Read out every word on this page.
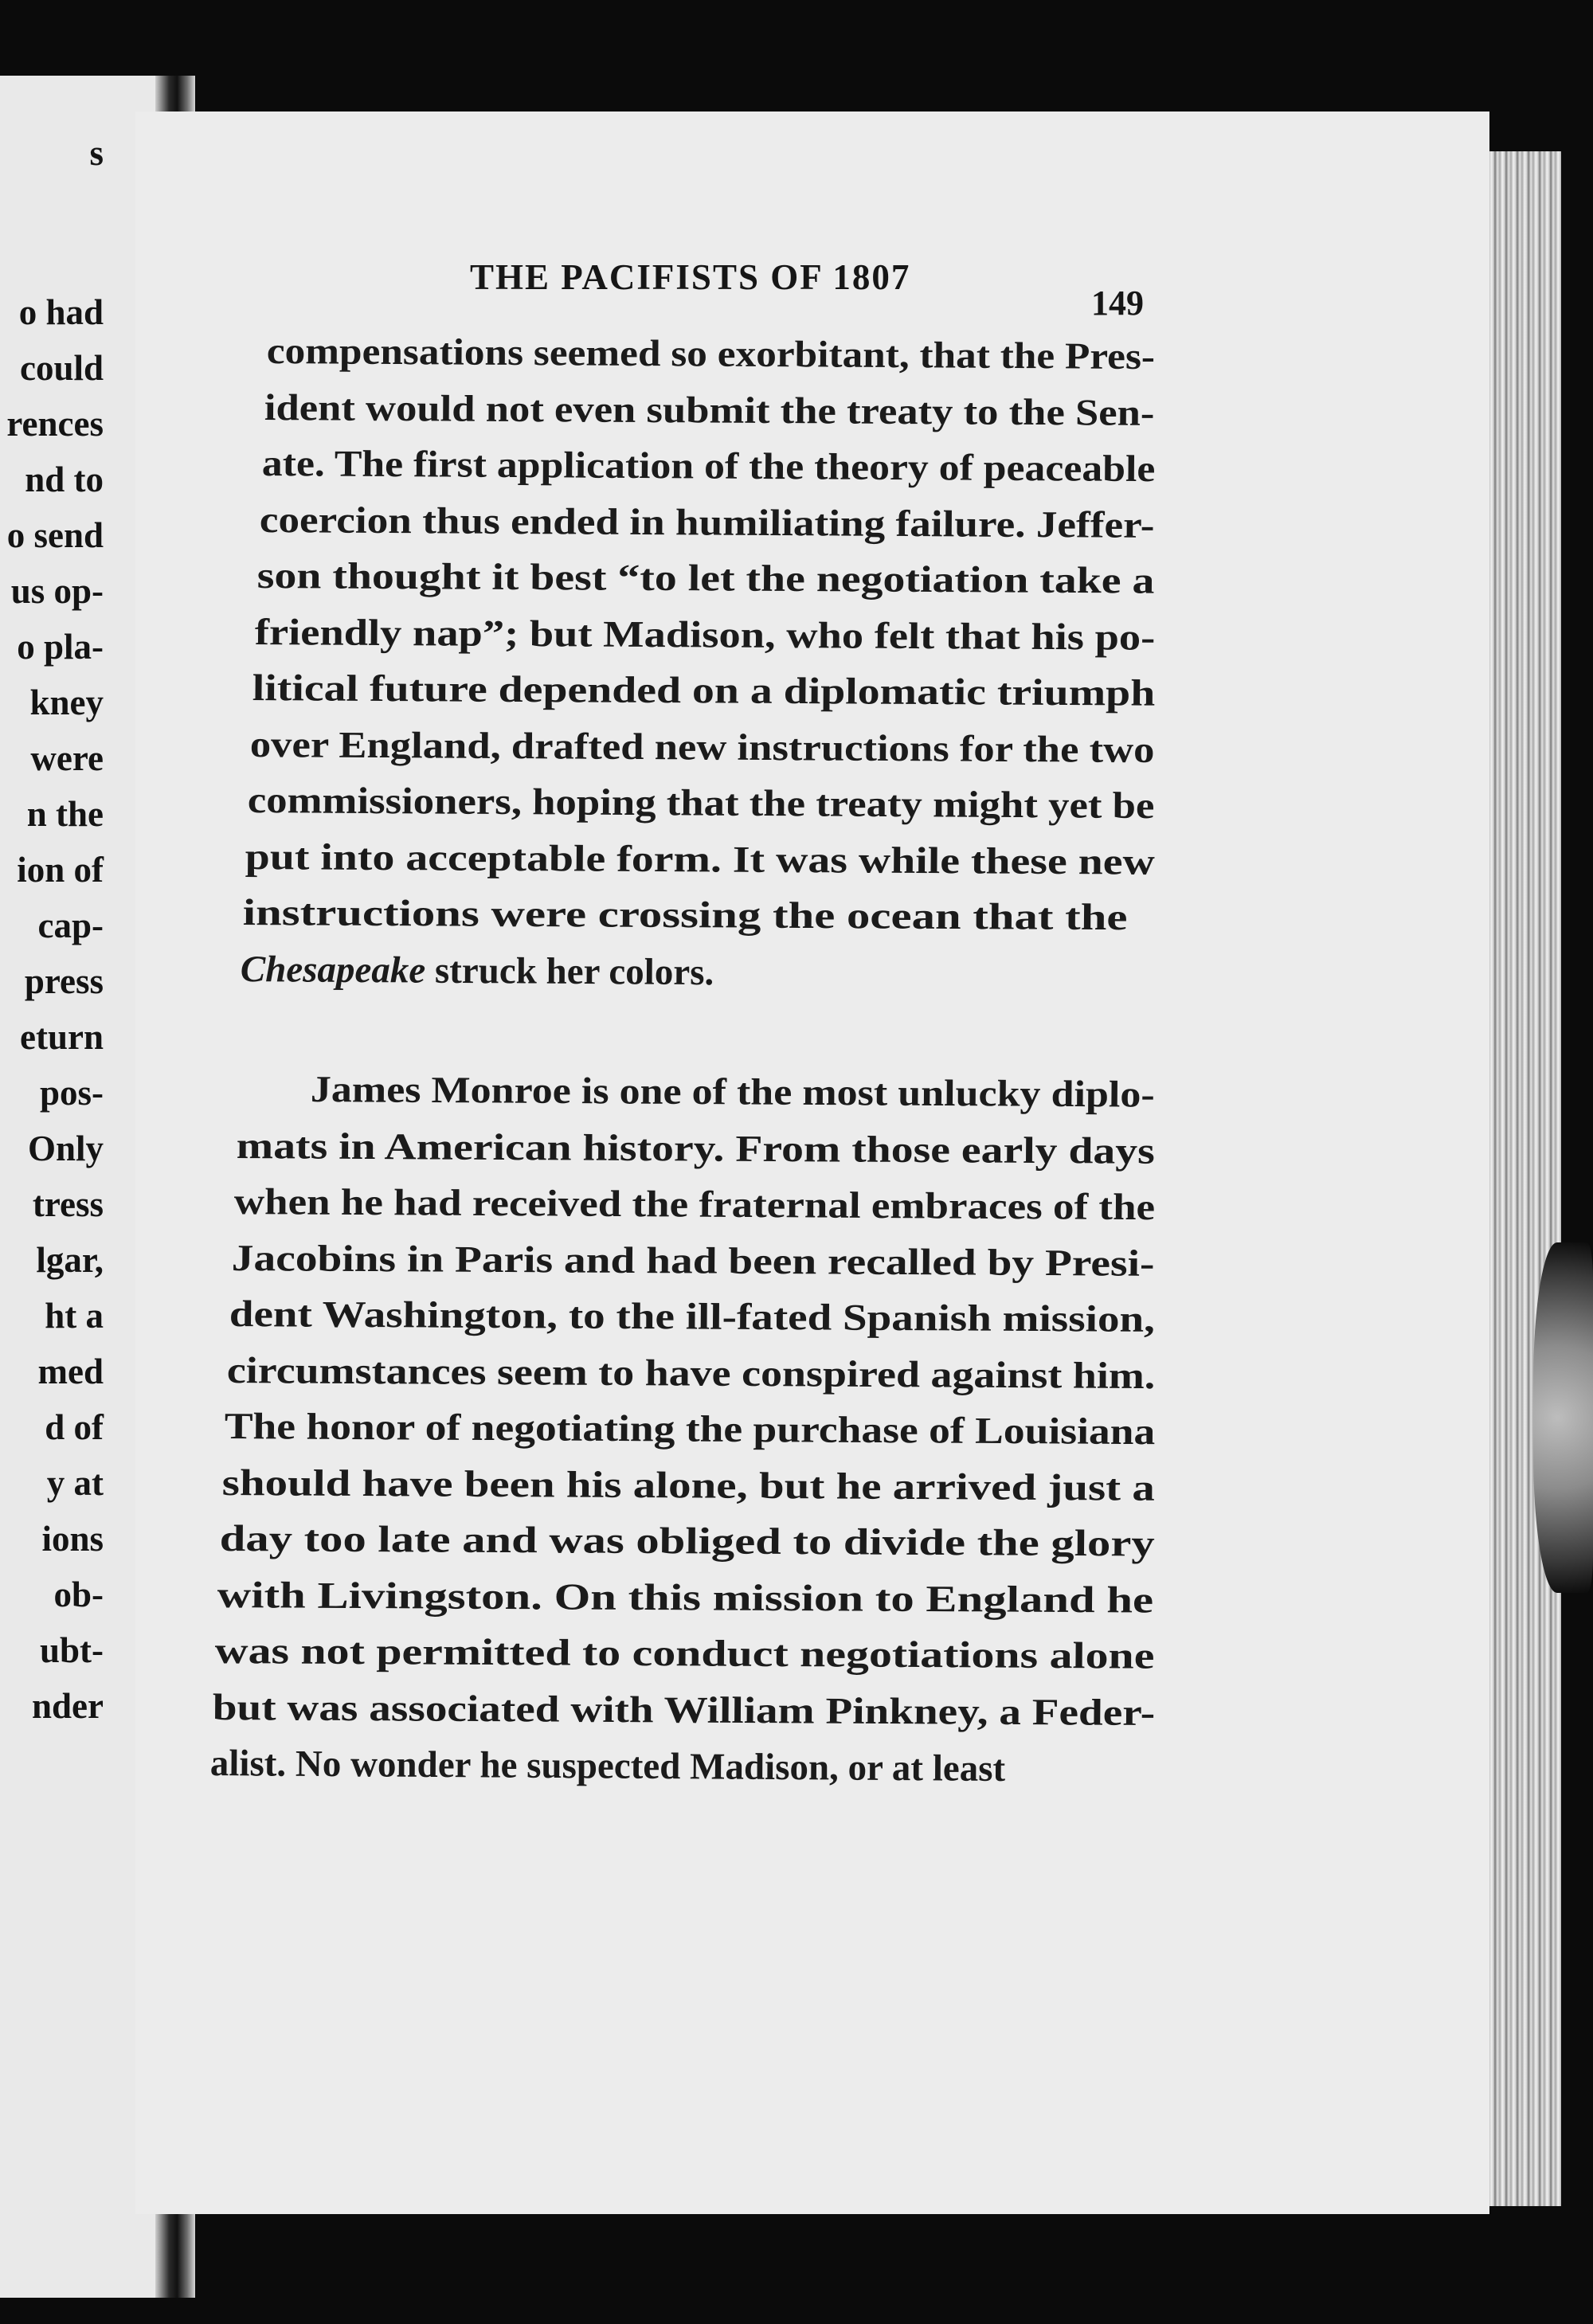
s
o had
could
rences
nd to
o send
us op-
o pla-
kney
were
n the
ion of
cap-
press
eturn
pos-
Only
tress
lgar,
ht a
med
d of
y at
ions
ob-
ubt-
nder
THE PACIFISTS OF 1807
149
compensations seemed so exorbitant, that the Pres-
ident would not even submit the treaty to the Sen-
ate. The first application of the theory of peaceable
coercion thus ended in humiliating failure. Jeffer-
son thought it best “to let the negotiation take a
friendly nap”; but Madison, who felt that his po-
litical future depended on a diplomatic triumph
over England, drafted new instructions for the two
commissioners, hoping that the treaty might yet be
put into acceptable form. It was while these new
instructions were crossing the ocean that the
Chesapeake struck her colors.
James Monroe is one of the most unlucky diplo-
mats in American history. From those early days
when he had received the fraternal embraces of the
Jacobins in Paris and had been recalled by Presi-
dent Washington, to the ill-fated Spanish mission,
circumstances seem to have conspired against him.
The honor of negotiating the purchase of Louisiana
should have been his alone, but he arrived just a
day too late and was obliged to divide the glory
with Livingston. On this mission to England he
was not permitted to conduct negotiations alone
but was associated with William Pinkney, a Feder-
alist. No wonder he suspected Madison, or at least
